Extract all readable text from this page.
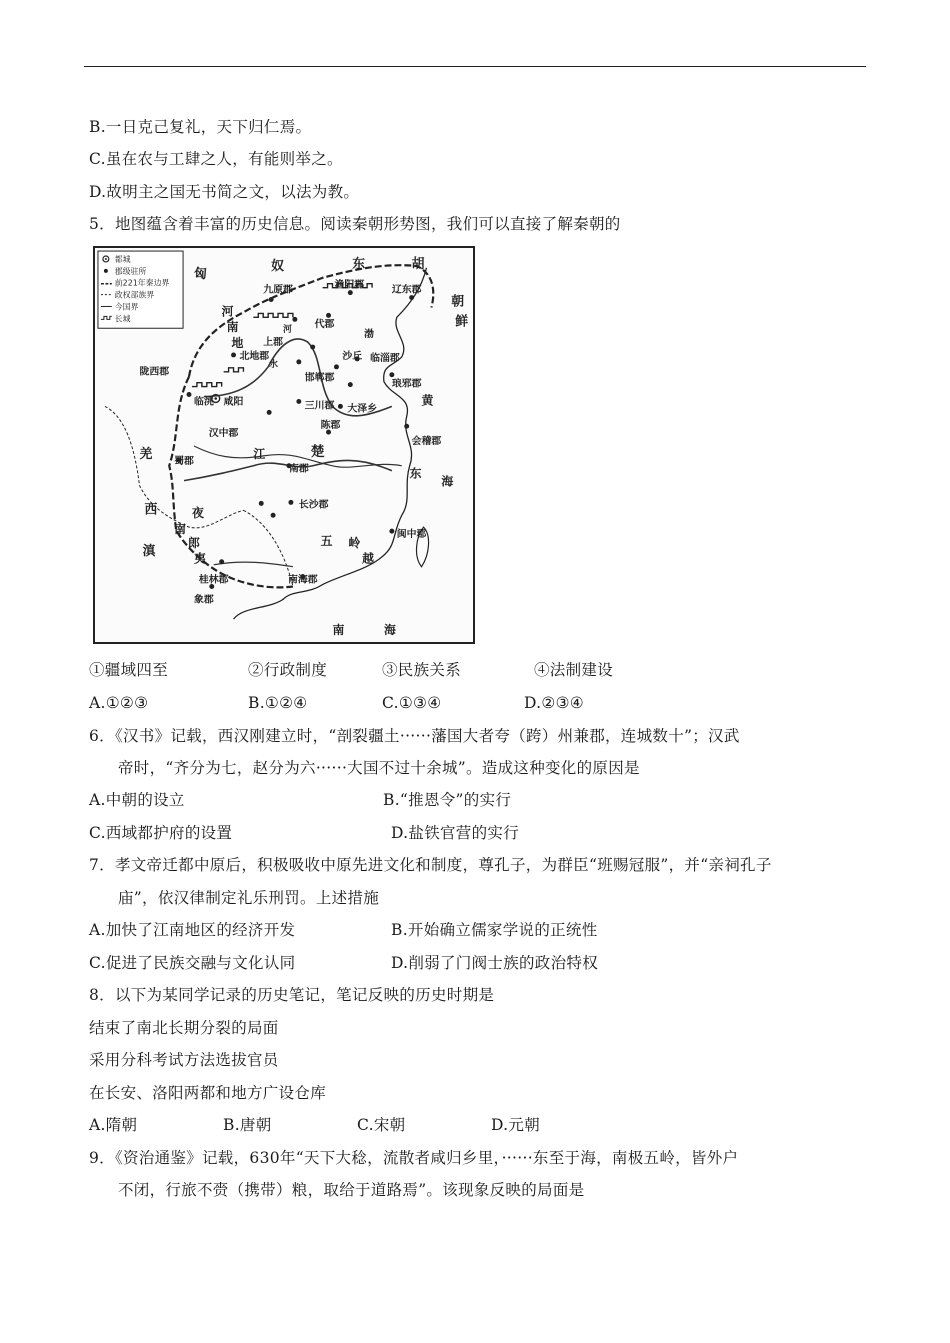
B.一日克己复礼，天下归仁焉。
C.虽在农与工肆之人，有能则举之。
D.故明主之国无书简之文，以法为教。
5．地图蕴含着丰富的历史信息。阅读秦朝形势图，我们可以直接了解秦朝的
都城
郡级驻所
前221年秦边界
政权部族界
今国界
长城
匈
奴	东	胡
朝
鲜
河
南
地
九原郡	渔阳郡	辽东郡
上郡
代郡
渤
陇西郡
北地郡	沙丘 临淄郡
邯郸郡
琅邪郡
临洮 咸阳	三川郡 大泽乡
黄
汉中郡
陈郡
会稽郡
羌 蜀郡
江
南郡
楚
西	夜
南
郎
长沙郡
东
海
滇	夷
五 岭
越
闽中郡
桂林郡	南海郡
象郡
南	海
河
水
①疆域四至	②行政制度	③民族关系	④法制建设
A.①②③	B.①②④	C.①③④	D.②③④
6．《汉书》记载，西汉刚建立时，“剖裂疆土······藩国大者夸（跨）州兼郡，连城数十”；汉武
帝时，“齐分为七，赵分为六······大国不过十余城”。造成这种变化的原因是
A.中朝的设立	B.“推恩令”的实行
C.西域都护府的设置	D.盐铁官营的实行
7．孝文帝迁都中原后，积极吸收中原先进文化和制度，尊孔子，为群臣“班赐冠服”，并“亲祠孔子
庙”，依汉律制定礼乐刑罚。上述措施
A.加快了江南地区的经济开发	B.开始确立儒家学说的正统性
C.促进了民族交融与文化认同	D.削弱了门阀士族的政治特权
8．以下为某同学记录的历史笔记，笔记反映的历史时期是
结束了南北长期分裂的局面
采用分科考试方法选拔官员
在长安、洛阳两都和地方广设仓库
A.隋朝	B.唐朝	C.宋朝	D.元朝
9．《资治通鉴》记载，630年“天下大稔，流散者咸归乡里，······东至于海，南极五岭，皆外户
不闭，行旅不赍（携带）粮，取给于道路焉”。该现象反映的局面是
